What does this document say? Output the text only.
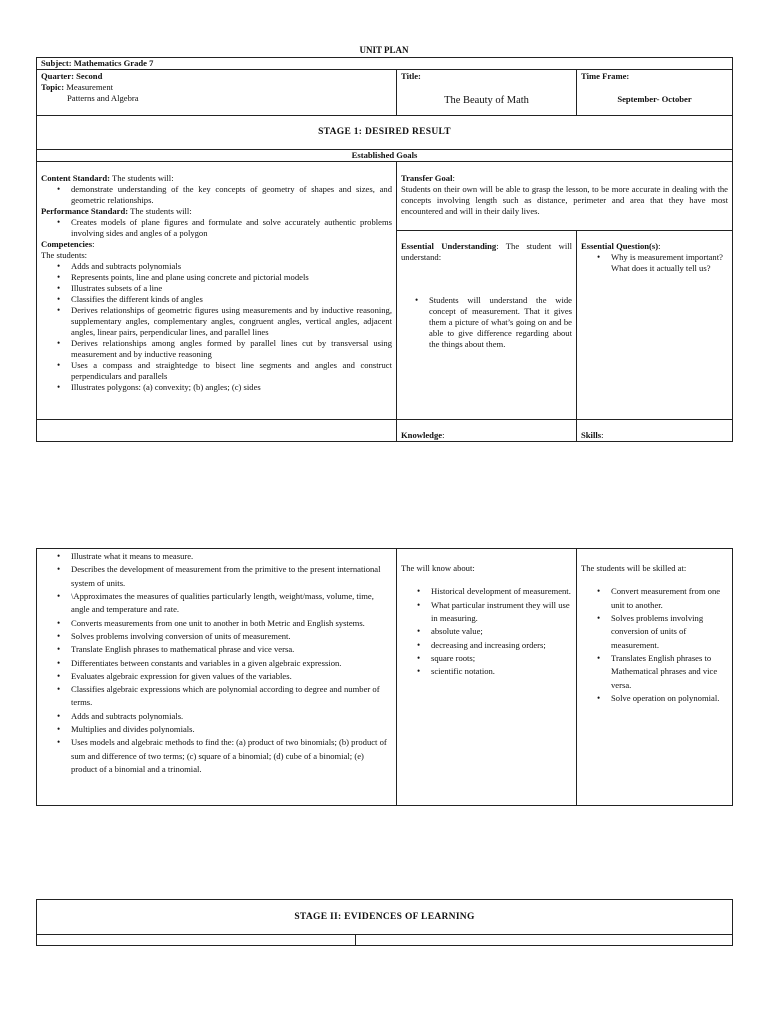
UNIT PLAN
Subject: Mathematics Grade 7
Quarter: Second
Topic: Measurement
Patterns and Algebra
Title:
The Beauty of Math
Time Frame:
September- October
STAGE 1: DESIRED RESULT
Established Goals
Content Standard: The students will:
• demonstrate understanding of the key concepts of geometry of shapes and sizes, and geometric relationships.
Performance Standard: The students will:
• Creates models of plane figures and formulate and solve accurately authentic problems involving sides and angles of a polygon
Competencies:
The students:
• Adds and subtracts polynomials
• Represents points, line and plane using concrete and pictorial models
• Illustrates subsets of a line
• Classifies the different kinds of angles
• Derives relationships of geometric figures using measurements and by inductive reasoning, supplementary angles, complementary angles, congruent angles, vertical angles, adjacent angles, linear pairs, perpendicular lines, and parallel lines
• Derives relationships among angles formed by parallel lines cut by transversal using measurement and by inductive reasoning
• Uses a compass and straightedge to bisect line segments and angles and construct perpendiculars and parallels
• Illustrates polygons: (a) convexity; (b) angles; (c) sides
Transfer Goal:
Students on their own will be able to grasp the lesson, to be more accurate in dealing with the concepts involving length such as distance, perimeter and area that they have most encountered and will in their daily lives.
Essential Understanding: The student will understand:
• Students will understand the wide concept of measurement. That it gives them a picture of what’s going on and be able to give difference regarding about the things about them.
Essential Question(s):
• Why is measurement important? What does it actually tell us?
Knowledge:	Skills:
• Illustrate what it means to measure.
• Describes the development of measurement from the primitive to the present international system of units.
• \Approximates the measures of qualities particularly length, weight/mass, volume, time, angle and temperature and rate.
• Converts measurements from one unit to another in both Metric and English systems.
• Solves problems involving conversion of units of measurement.
• Translate English phrases to mathematical phrase and vice versa.
• Differentiates between constants and variables in a given algebraic expression.
• Evaluates algebraic expression for given values of the variables.
• Classifies algebraic expressions which are polynomial according to degree and number of terms.
• Adds and subtracts polynomials.
• Multiplies and divides polynomials.
• Uses models and algebraic methods to find the: (a) product of two binomials; (b) product of sum and difference of two terms; (c) square of a binomial; (d) cube of a binomial; (e) product of a binomial and a trinomial.
The will know about:
• Historical development of measurement.
• What particular instrument they will use in measuring.
• absolute value;
• decreasing and increasing orders;
• square roots;
• scientific notation.
The students will be skilled at:
• Convert measurement from one unit to another.
• Solves problems involving conversion of units of measurement.
• Translates English phrases to Mathematical phrases and vice versa.
• Solve operation on polynomial.
STAGE II: EVIDENCES OF LEARNING
